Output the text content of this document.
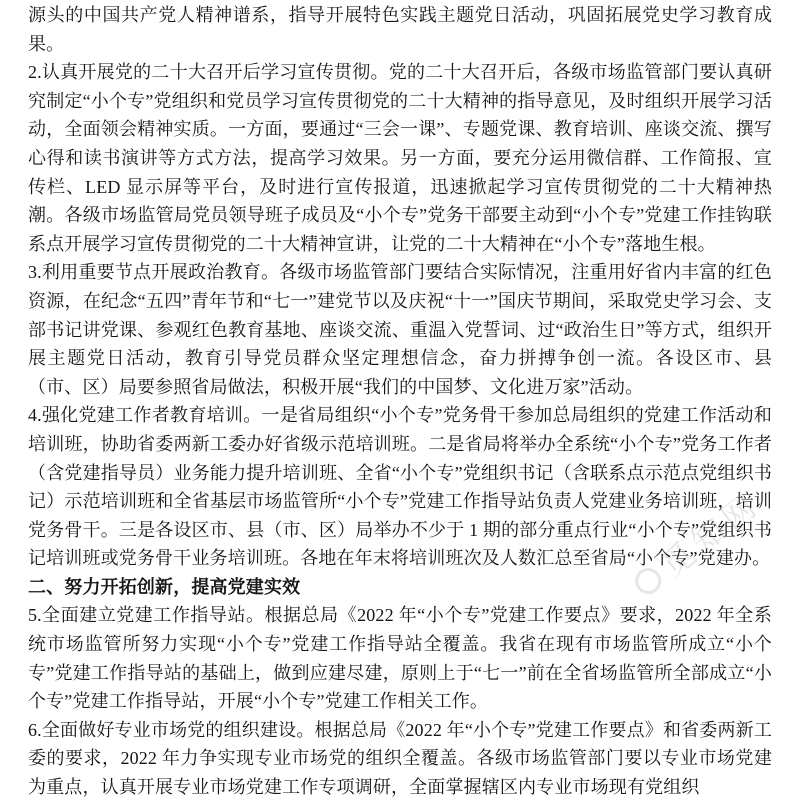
源头的中国共产党人精神谱系，指导开展特色实践主题党日活动，巩固拓展党史学习教育成果。

2.认真开展党的二十大召开后学习宣传贯彻。党的二十大召开后，各级市场监管部门要认真研究制定“小个专”党组织和党员学习宣传贯彻党的二十大精神的指导意见，及时组织开展学习活动，全面领会精神实质。一方面，要通过“三会一课”、专题党课、教育培训、座谈交流、撰写心得和读书演讲等方式方法，提高学习效果。另一方面，要充分运用微信群、工作简报、宣传栏、LED 显示屏等平台，及时进行宣传报道，迅速掀起学习宣传贯彻党的二十大精神热潮。各级市场监管局党员领导班子成员及“小个专”党务干部要主动到“小个专”党建工作挂钩联系点开展学习宣传贯彻党的二十大精神宣讲，让党的二十大精神在“小个专”落地生根。

3.利用重要节点开展政治教育。各级市场监管部门要结合实际情况，注重用好省内丰富的红色资源，在纪念“五四”青年节和“七一”建党节以及庆祝“十一”国庆节期间，采取党史学习会、支部书记讲党课、参观红色教育基地、座谈交流、重温入党誓词、过“政治生日”等方式，组织开展主题党日活动，教育引导党员群众坚定理想信念，奋力拼搏争创一流。各设区市、县（市、区）局要参照省局做法，积极开展“我们的中国梦、文化进万家”活动。

4.强化党建工作者教育培训。一是省局组织“小个专”党务骨干参加总局组织的党建工作活动和培训班，协助省委两新工委办好省级示范培训班。二是省局将举办全系统“小个专”党务工作者（含党建指导员）业务能力提升培训班、全省“小个专”党组织书记（含联系点示范点党组织书记）示范培训班和全省基层市场监管所“小个专”党建工作指导站负责人党建业务培训班，培训党务骨干。三是各设区市、县（市、区）局举办不少于 1 期的部分重点行业“小个专”党组织书记培训班或党务骨干业务培训班。各地在年末将培训班次及人数汇总至省局“小个专”党建办。

二、努力开拓创新，提高党建实效

5.全面建立党建工作指导站。根据总局《2022 年“小个专”党建工作要点》要求，2022 年全系统市场监管所努力实现“小个专”党建工作指导站全覆盖。我省在现有市场监管所成立“小个专”党建工作指导站的基础上，做到应建尽建，原则上于“七一”前在全省场监管所全部成立“小个专”党建工作指导站，开展“小个专”党建工作相关工作。

6.全面做好专业市场党的组织建设。根据总局《2022 年“小个专”党建工作要点》和省委两新工委的要求，2022 年力争实现专业市场党的组织全覆盖。各级市场监管部门要以专业市场党建为重点，认真开展专业市场党建工作专项调研，全面掌握辖区内专业市场现有党组织

觅知网
